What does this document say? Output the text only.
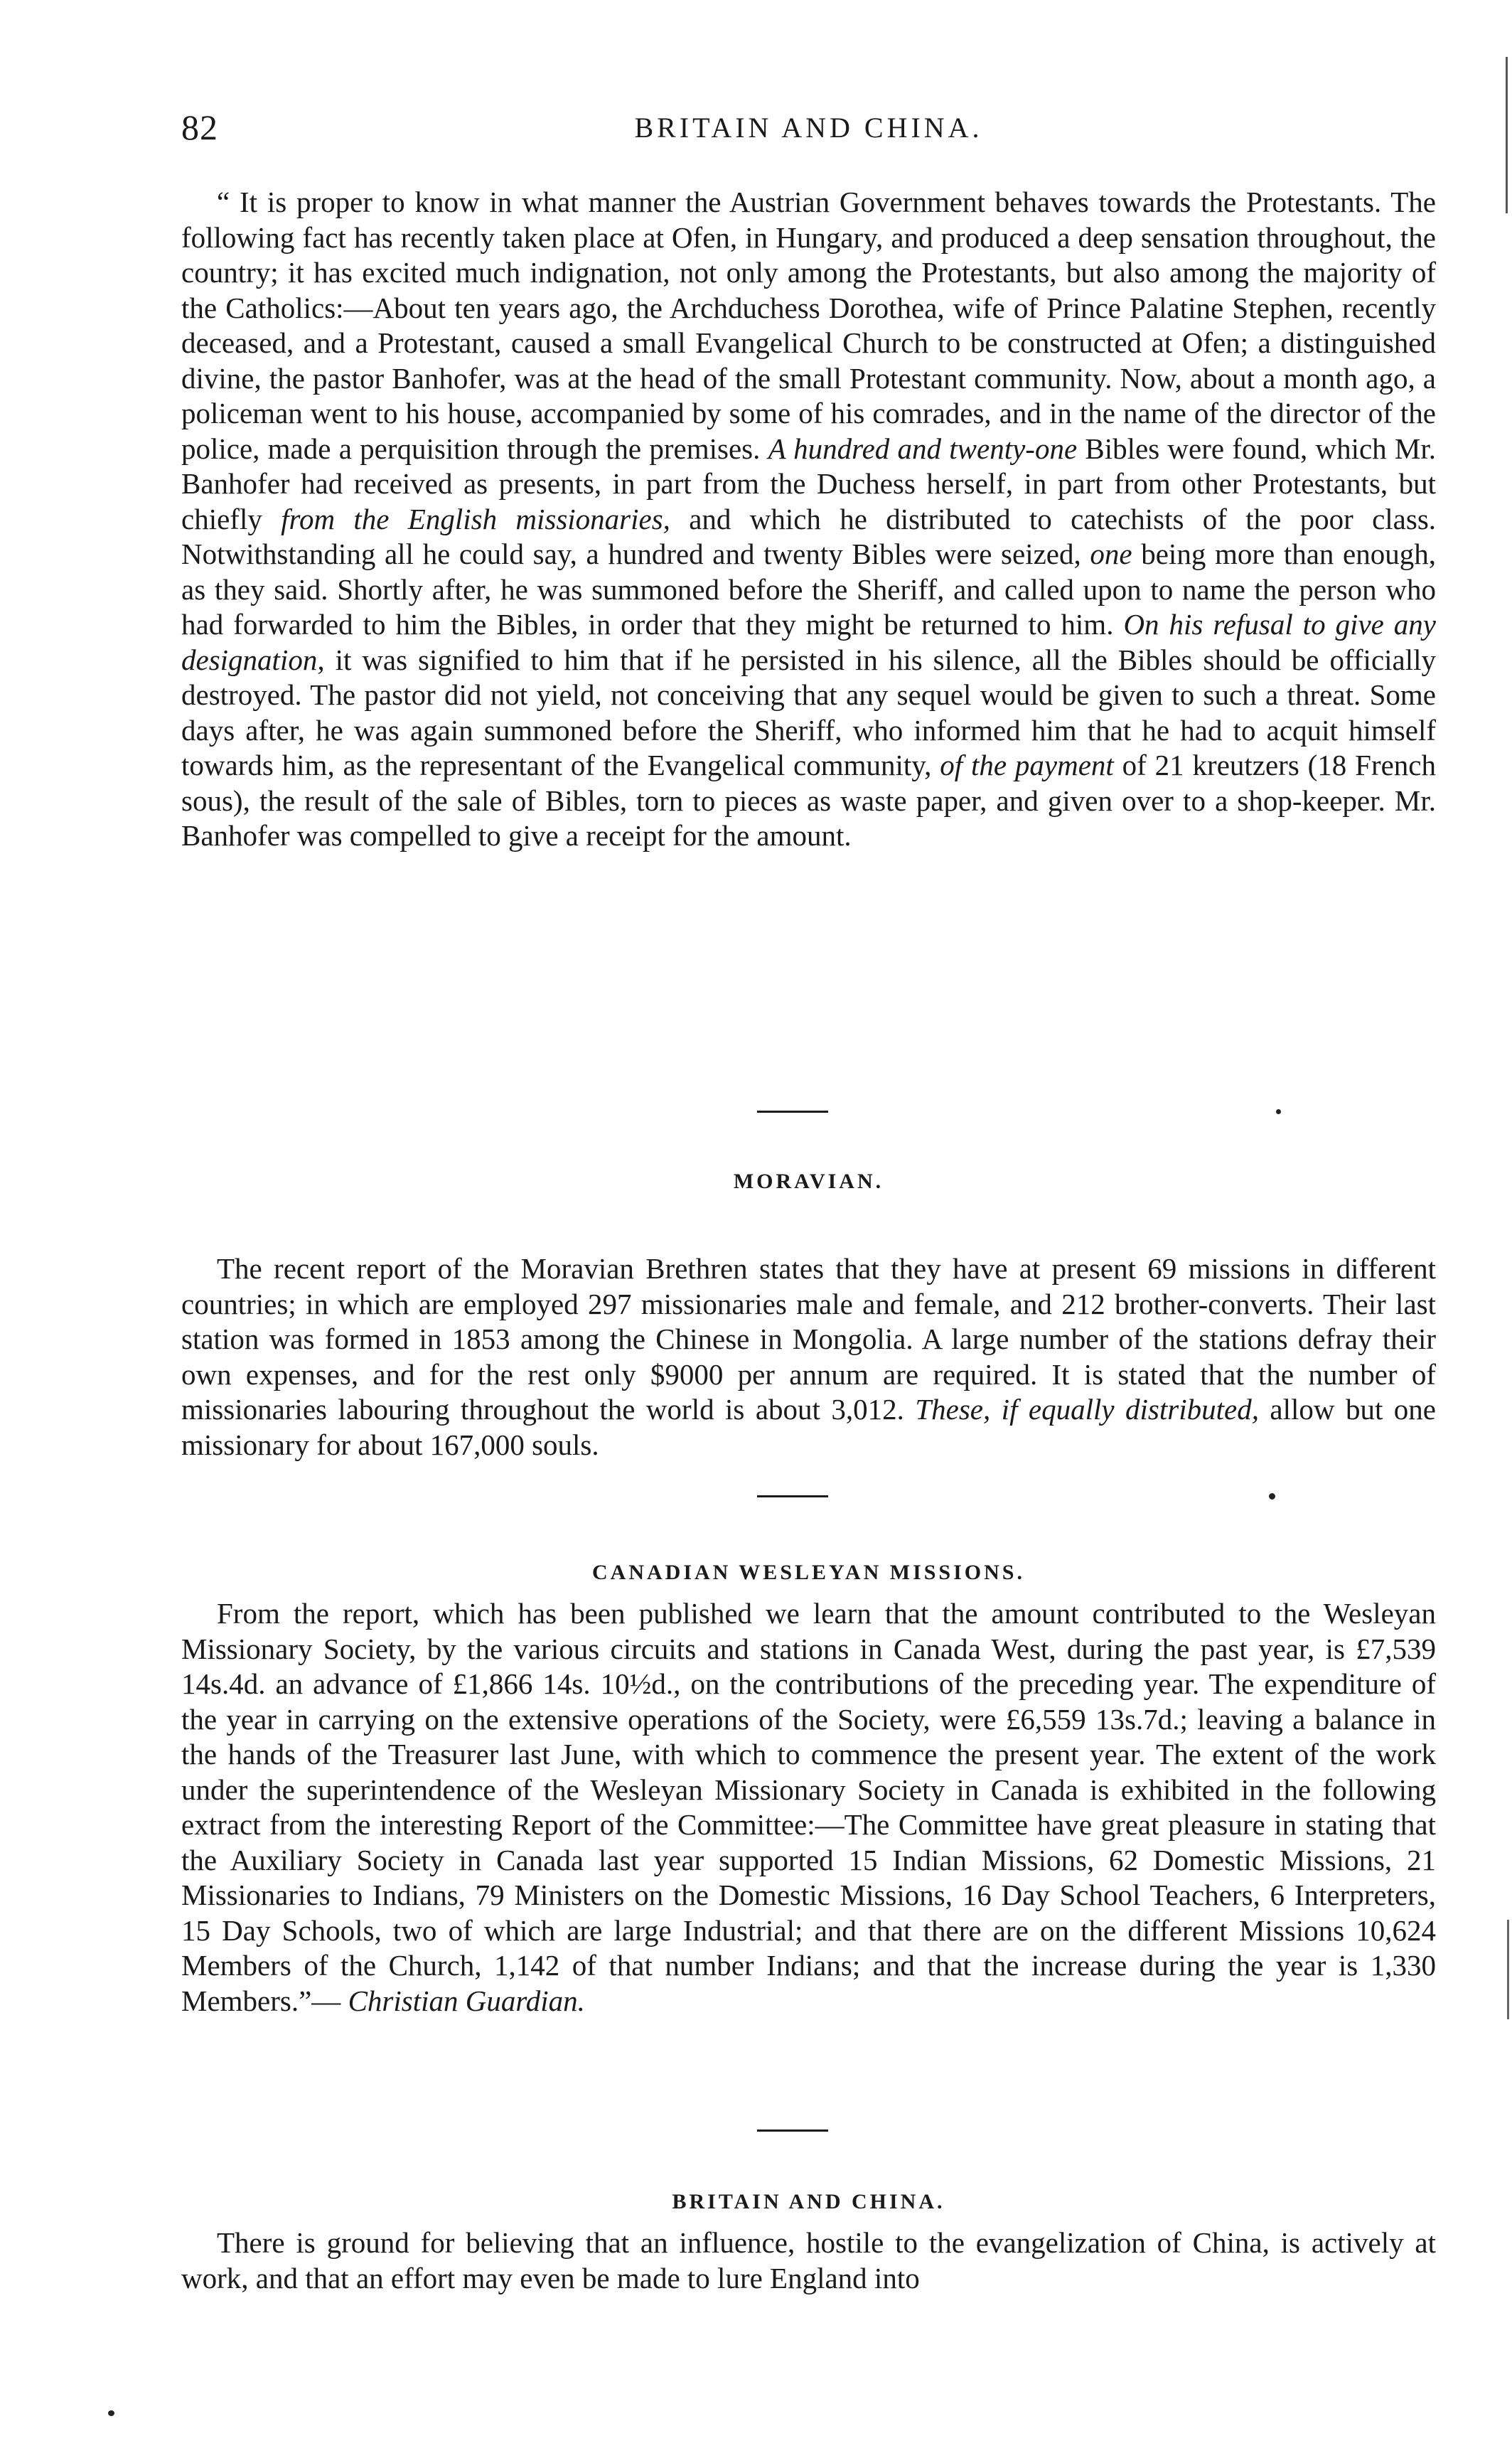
82	BRITAIN AND CHINA.

“ It is proper to know in what manner the Austrian Government behaves towards the Protestants. The following fact has recently taken place at Ofen, in Hungary, and produced a deep sensation throughout, the country; it has excited much indignation, not only among the Protestants, but also among the majority of the Catholics:—About ten years ago, the Archduchess Dorothea, wife of Prince Palatine Stephen, recently deceased, and a Protestant, caused a small Evangelical Church to be constructed at Ofen; a distinguished divine, the pastor Banhofer, was at the head of the small Protestant community. Now, about a month ago, a policeman went to his house, accompanied by some of his comrades, and in the name of the director of the police, made a perquisition through the premises. A hundred and twenty-one Bibles were found, which Mr. Banhofer had received as presents, in part from the Duchess herself, in part from other Protestants, but chiefly from the English missionaries, and which he distributed to catechists of the poor class. Notwithstanding all he could say, a hundred and twenty Bibles were seized, one being more than enough, as they said. Shortly after, he was summoned before the Sheriff, and called upon to name the person who had forwarded to him the Bibles, in order that they might be returned to him. On his refusal to give any designation, it was signified to him that if he persisted in his silence, all the Bibles should be officially destroyed. The pastor did not yield, not conceiving that any sequel would be given to such a threat. Some days after, he was again summoned before the Sheriff, who informed him that he had to acquit himself towards him, as the representant of the Evangelical community, of the payment of 21 kreutzers (18 French sous), the result of the sale of Bibles, torn to pieces as waste paper, and given over to a shop-keeper. Mr. Banhofer was compelled to give a receipt for the amount.

MORAVIAN.

The recent report of the Moravian Brethren states that they have at present 69 missions in different countries; in which are employed 297 missionaries male and female, and 212 brother-converts. Their last station was formed in 1853 among the Chinese in Mongolia. A large number of the stations defray their own expenses, and for the rest only $9000 per annum are required. It is stated that the number of missionaries labouring throughout the world is about 3,012. These, if equally distributed, allow but one missionary for about 167,000 souls.

CANADIAN WESLEYAN MISSIONS.

From the report, which has been published we learn that the amount contributed to the Wesleyan Missionary Society, by the various circuits and stations in Canada West, during the past year, is £7,539 14s.4d. an advance of £1,866 14s. 10½d., on the contributions of the preceding year. The expenditure of the year in carrying on the extensive operations of the Society, were £6,559 13s.7d.; leaving a balance in the hands of the Treasurer last June, with which to commence the present year. The extent of the work under the superintendence of the Wesleyan Missionary Society in Canada is exhibited in the following extract from the interesting Report of the Committee:—The Committee have great pleasure in stating that the Auxiliary Society in Canada last year supported 15 Indian Missions, 62 Domestic Missions, 21 Missionaries to Indians, 79 Ministers on the Domestic Missions, 16 Day School Teachers, 6 Interpreters, 15 Day Schools, two of which are large Industrial; and that there are on the different Missions 10,624 Members of the Church, 1,142 of that number Indians; and that the increase during the year is 1,330 Members.”— Christian Guardian.

BRITAIN AND CHINA.

There is ground for believing that an influence, hostile to the evangelization of China, is actively at work, and that an effort may even be made to lure England into
